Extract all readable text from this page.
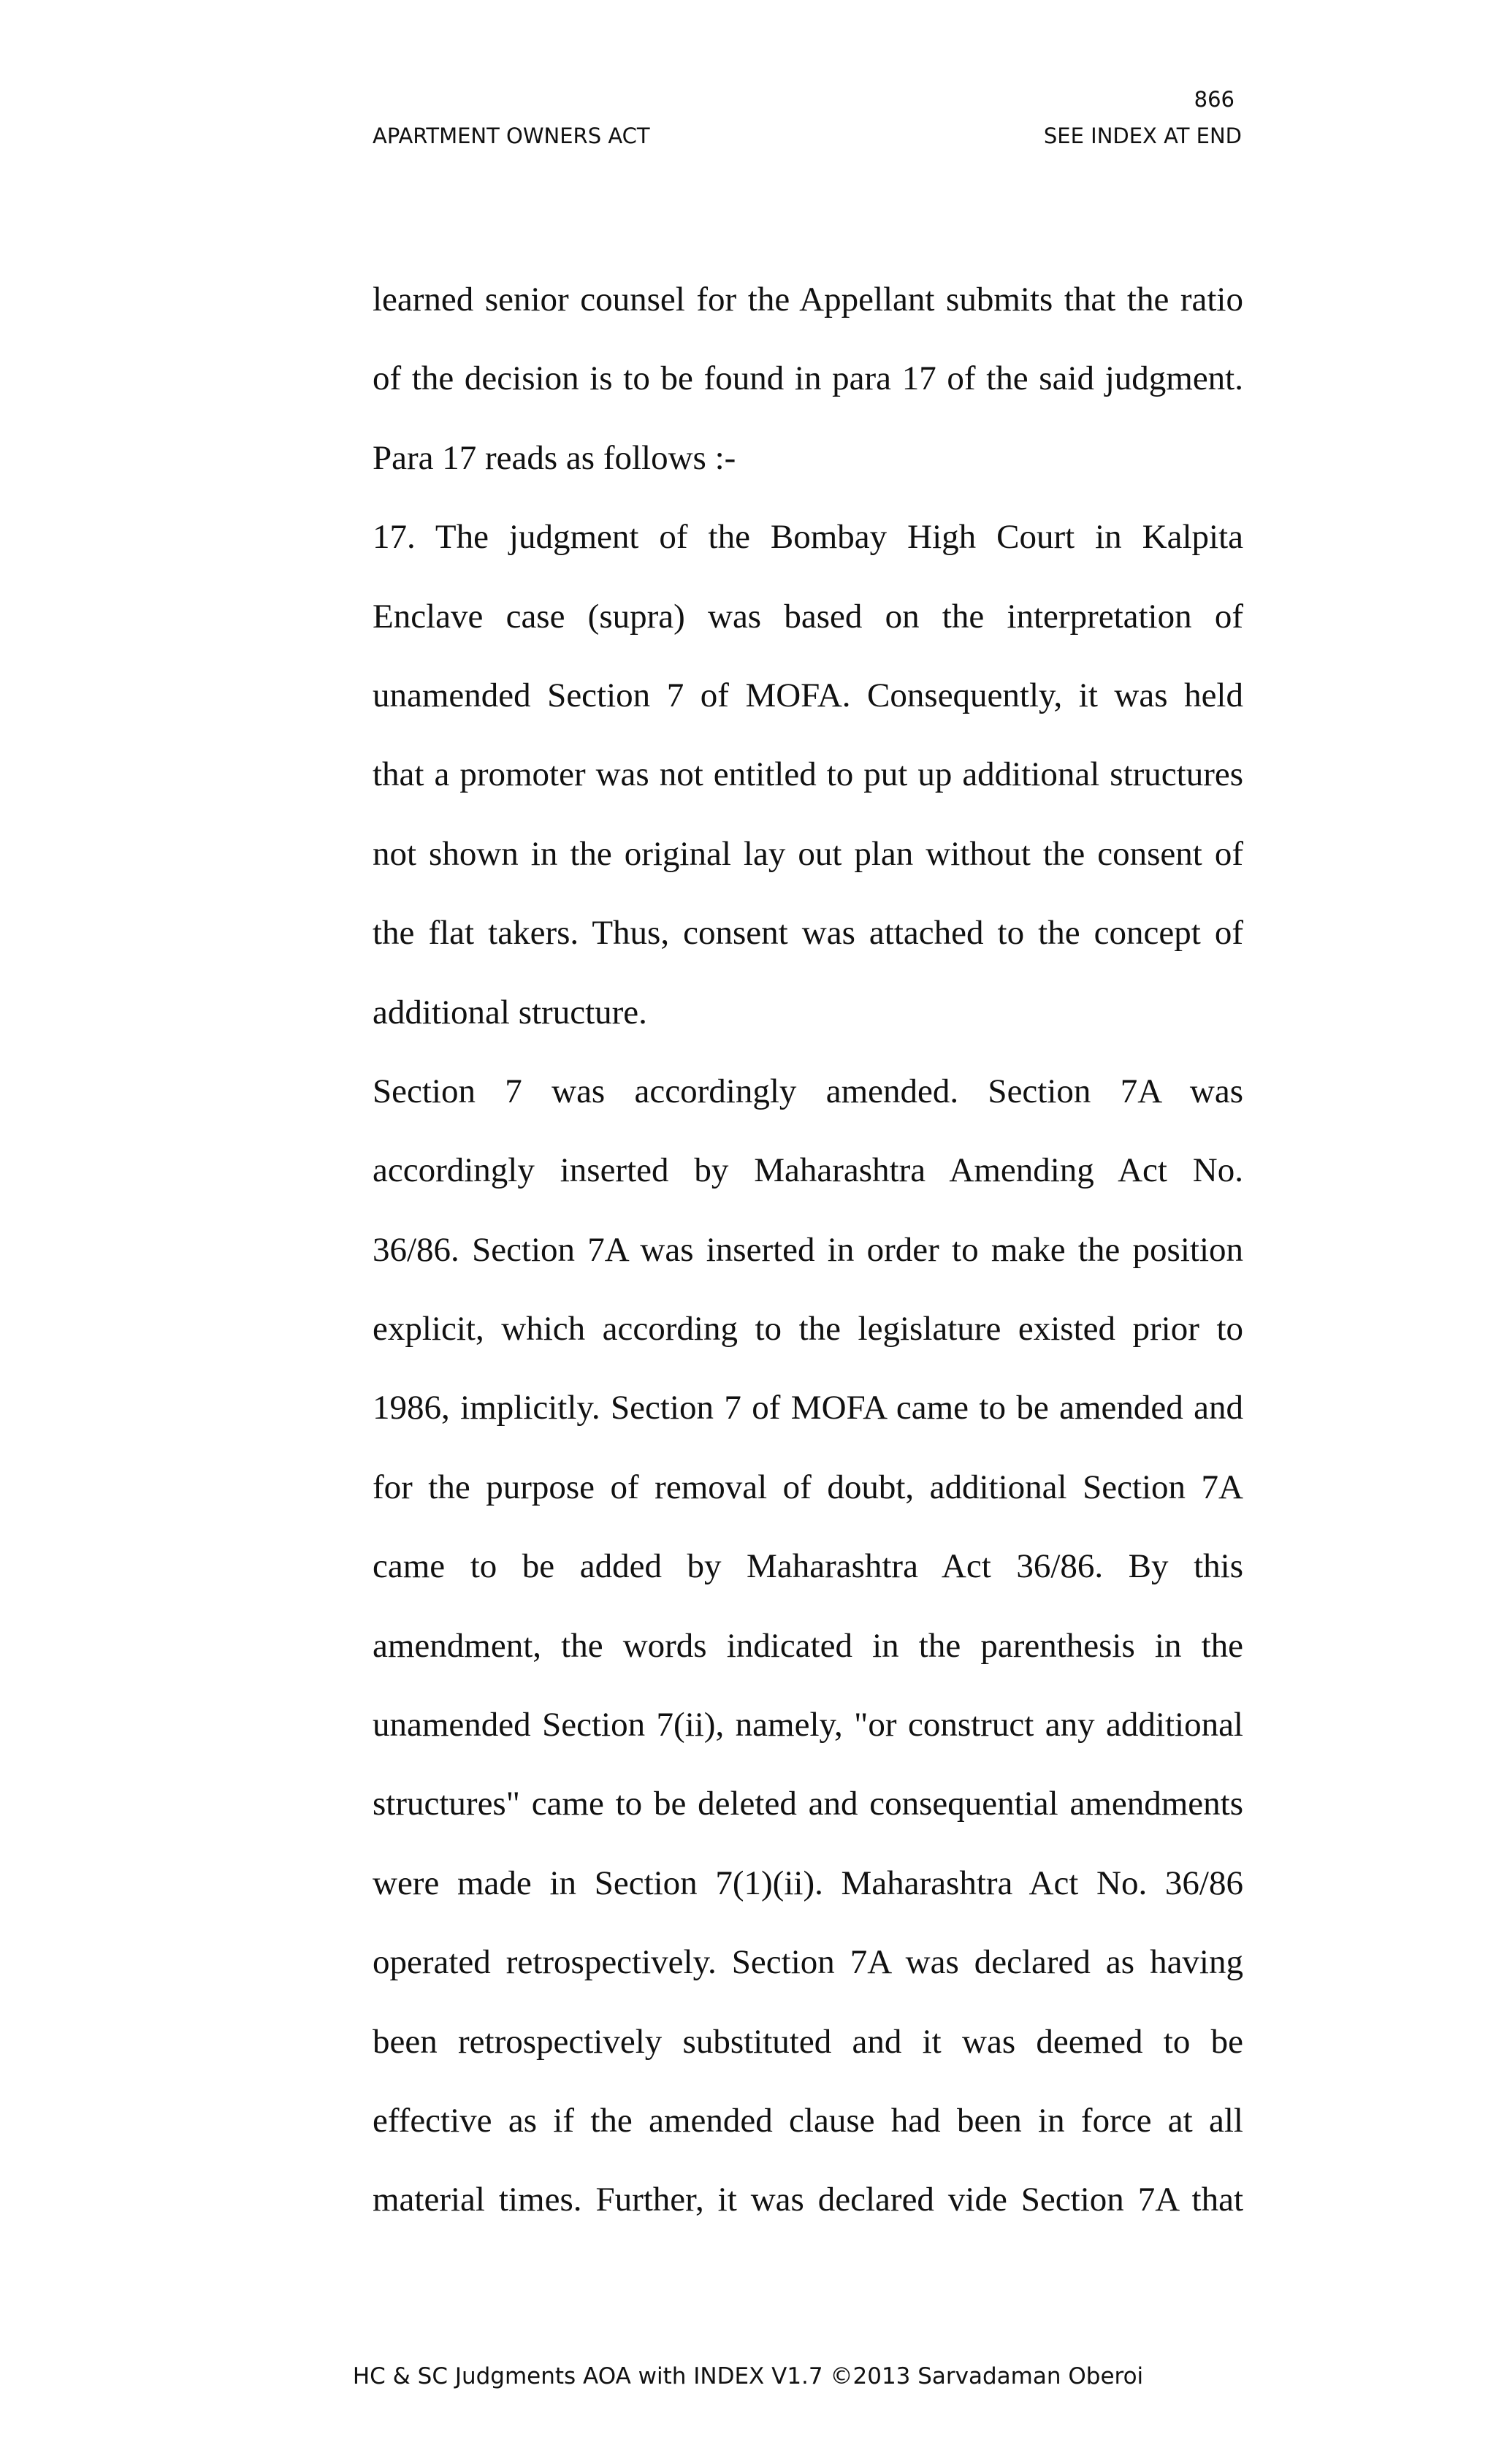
866
APARTMENT OWNERS ACT	SEE INDEX AT END
learned senior counsel for the Appellant submits that the ratio
of the decision is to be found in para 17 of the said judgment.
Para 17 reads as follows :-
17. The judgment of the Bombay High Court in Kalpita
Enclave case (supra) was based on the interpretation of
unamended Section 7 of MOFA. Consequently, it was held
that a promoter was not entitled to put up additional structures
not shown in the original lay out plan without the consent of
the flat takers. Thus, consent was attached to the concept of
additional structure.
Section 7 was accordingly amended. Section 7A was
accordingly inserted by Maharashtra Amending Act No.
36/86. Section 7A was inserted in order to make the position
explicit, which according to the legislature existed prior to
1986, implicitly. Section 7 of MOFA came to be amended and
for the purpose of removal of doubt, additional Section 7A
came to be added by Maharashtra Act 36/86. By this
amendment, the words indicated in the parenthesis in the
unamended Section 7(ii), namely, "or construct any additional
structures" came to be deleted and consequential amendments
were made in Section 7(1)(ii). Maharashtra Act No. 36/86
operated retrospectively. Section 7A was declared as having
been retrospectively substituted and it was deemed to be
effective as if the amended clause had been in force at all
material times. Further, it was declared vide Section 7A that
HC & SC Judgments AOA with INDEX V1.7 ©2013 Sarvadaman Oberoi
